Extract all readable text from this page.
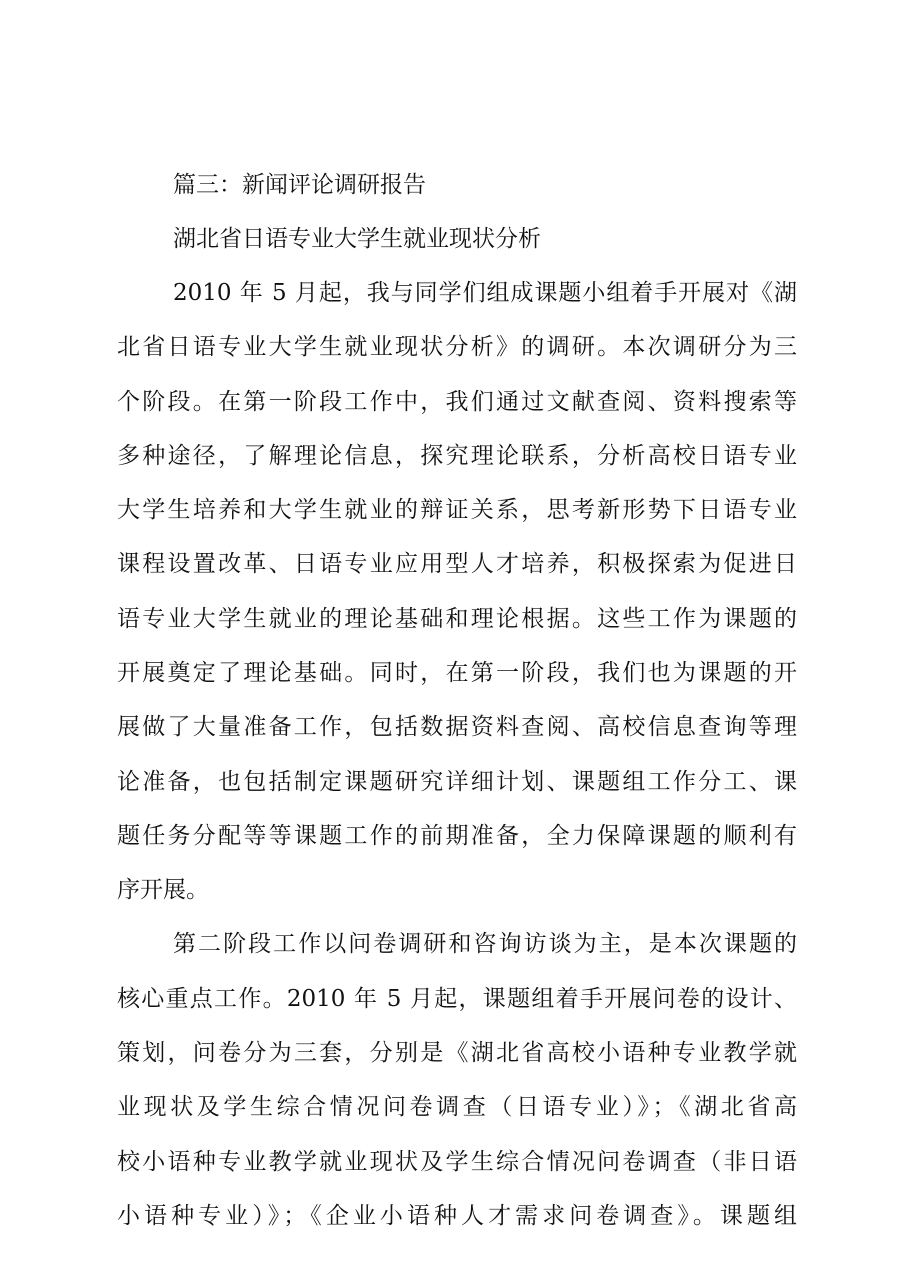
篇三：新闻评论调研报告
湖北省日语专业大学生就业现状分析
2010 年 5 月起，我与同学们组成课题小组着手开展对《湖
北省日语专业大学生就业现状分析》的调研。本次调研分为三
个阶段。在第一阶段工作中，我们通过文献查阅、资料搜索等
多种途径，了解理论信息，探究理论联系，分析高校日语专业
大学生培养和大学生就业的辩证关系，思考新形势下日语专业
课程设置改革、日语专业应用型人才培养，积极探索为促进日
语专业大学生就业的理论基础和理论根据。这些工作为课题的
开展奠定了理论基础。同时，在第一阶段，我们也为课题的开
展做了大量准备工作，包括数据资料查阅、高校信息查询等理
论准备，也包括制定课题研究详细计划、课题组工作分工、课
题任务分配等等课题工作的前期准备，全力保障课题的顺利有
序开展。
第二阶段工作以问卷调研和咨询访谈为主，是本次课题的
核心重点工作。2010 年 5 月起，课题组着手开展问卷的设计、
策划，问卷分为三套，分别是《湖北省高校小语种专业教学就
业现状及学生综合情况问卷调查（日语专业）》；《湖北省高
校小语种专业教学就业现状及学生综合情况问卷调查（非日语
小语种专业）》；《企业小语种人才需求问卷调查》。课题组
